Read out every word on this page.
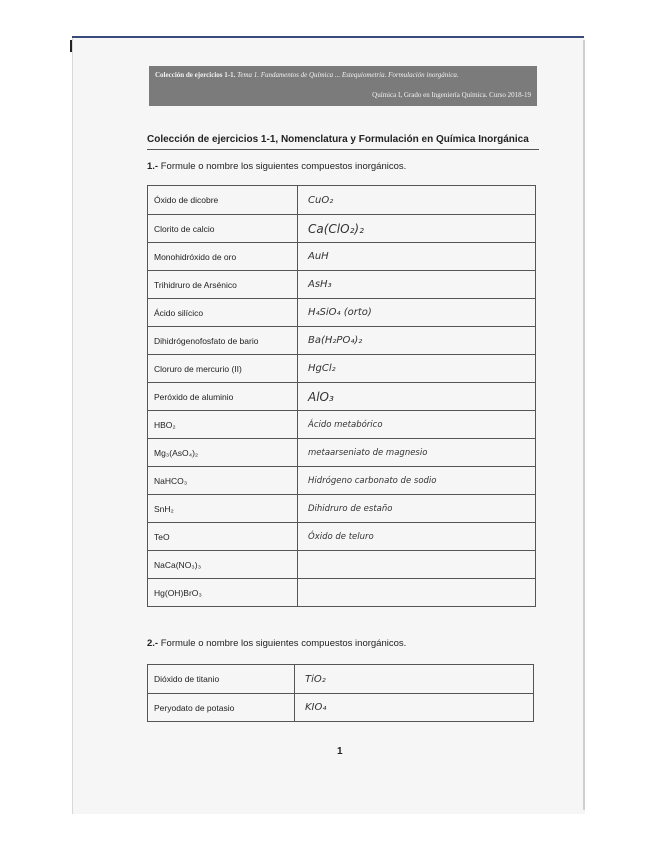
Colección de ejercicios 1-1. Tema 1. Fundamentos de Química ... Estequiometría. Formulación inorgánica.
Química I, Grado en Ingeniería Química. Curso 2018-19
Colección de ejercicios 1-1, Nomenclatura y Formulación en Química Inorgánica
1.- Formule o nombre los siguientes compuestos inorgánicos.
Óxido de dicobre	CuO₂
Clorito de calcio	Ca(ClO₂)₂
Monohidróxido de oro	AuH
Trihidruro de Arsénico	AsH₃
Ácido silícico	H₄SiO₄ (orto)
Dihidrógenofosfato de bario	Ba(H₂PO₄)₂
Cloruro de mercurio (II)	HgCl₂
Peróxido de aluminio	AlO₃
HBO₂	Ácido metabórico
Mg₃(AsO₄)₂	metaarseniato de magnesio
NaHCO₃	Hidrógeno carbonato de sodio
SnH₂	Dihidruro de estaño
TeO	Óxido de teluro
NaCa(NO₃)₃	
Hg(OH)BrO₃	
2.- Formule o nombre los siguientes compuestos inorgánicos.
Dióxido de titanio	TiO₂
Peryodato de potasio	KIO₄
1
